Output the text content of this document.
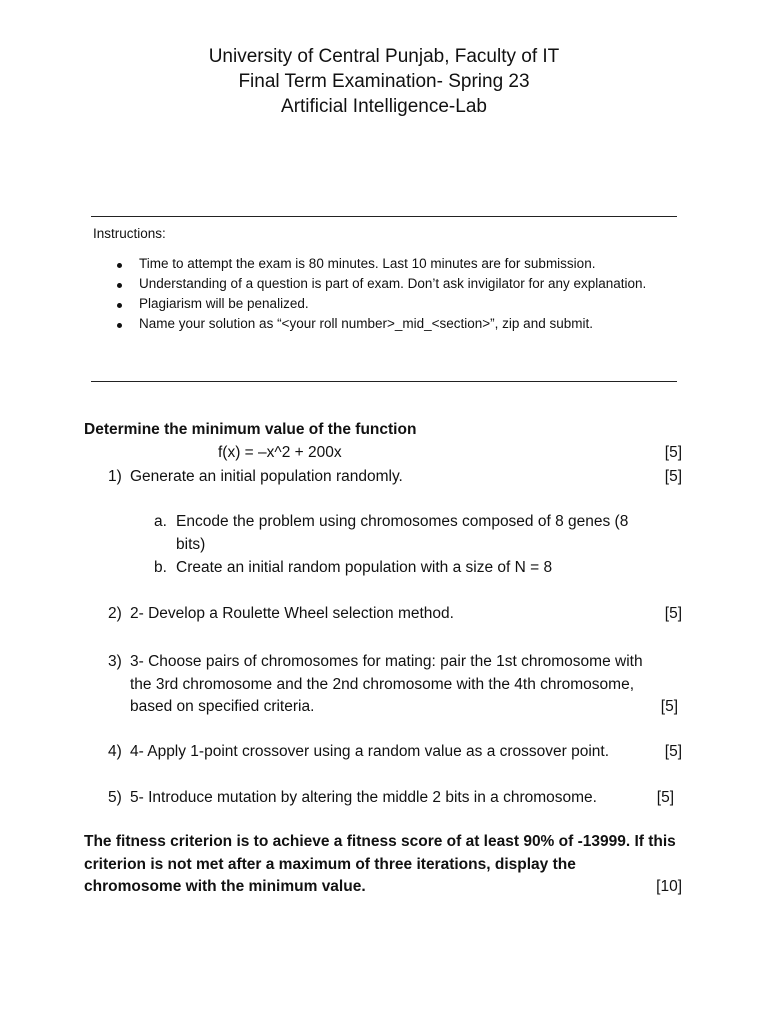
University of Central Punjab, Faculty of IT
Final Term Examination- Spring 23
Artificial Intelligence-Lab
Instructions:
Time to attempt the exam is 80 minutes. Last 10 minutes are for submission.
Understanding of a question is part of exam. Don’t ask invigilator for any explanation.
Plagiarism will be penalized.
Name your solution as “<your roll number>_mid_<section>”, zip and submit.
Determine the minimum value of the function
f(x) = –x^2 + 200x	[5]
1) Generate an initial population randomly.	[5]
a. Encode the problem using chromosomes composed of 8 genes (8
bits)
b. Create an initial random population with a size of N = 8
2) 2- Develop a Roulette Wheel selection method.	[5]
3) 3- Choose pairs of chromosomes for mating: pair the 1st chromosome with
the 3rd chromosome and the 2nd chromosome with the 4th chromosome,
based on specified criteria.	[5]
4) 4- Apply 1-point crossover using a random value as a crossover point.	[5]
5) 5- Introduce mutation by altering the middle 2 bits in a chromosome.	[5]
The fitness criterion is to achieve a fitness score of at least 90% of -13999. If this
criterion is not met after a maximum of three iterations, display the
chromosome with the minimum value.	[10]
